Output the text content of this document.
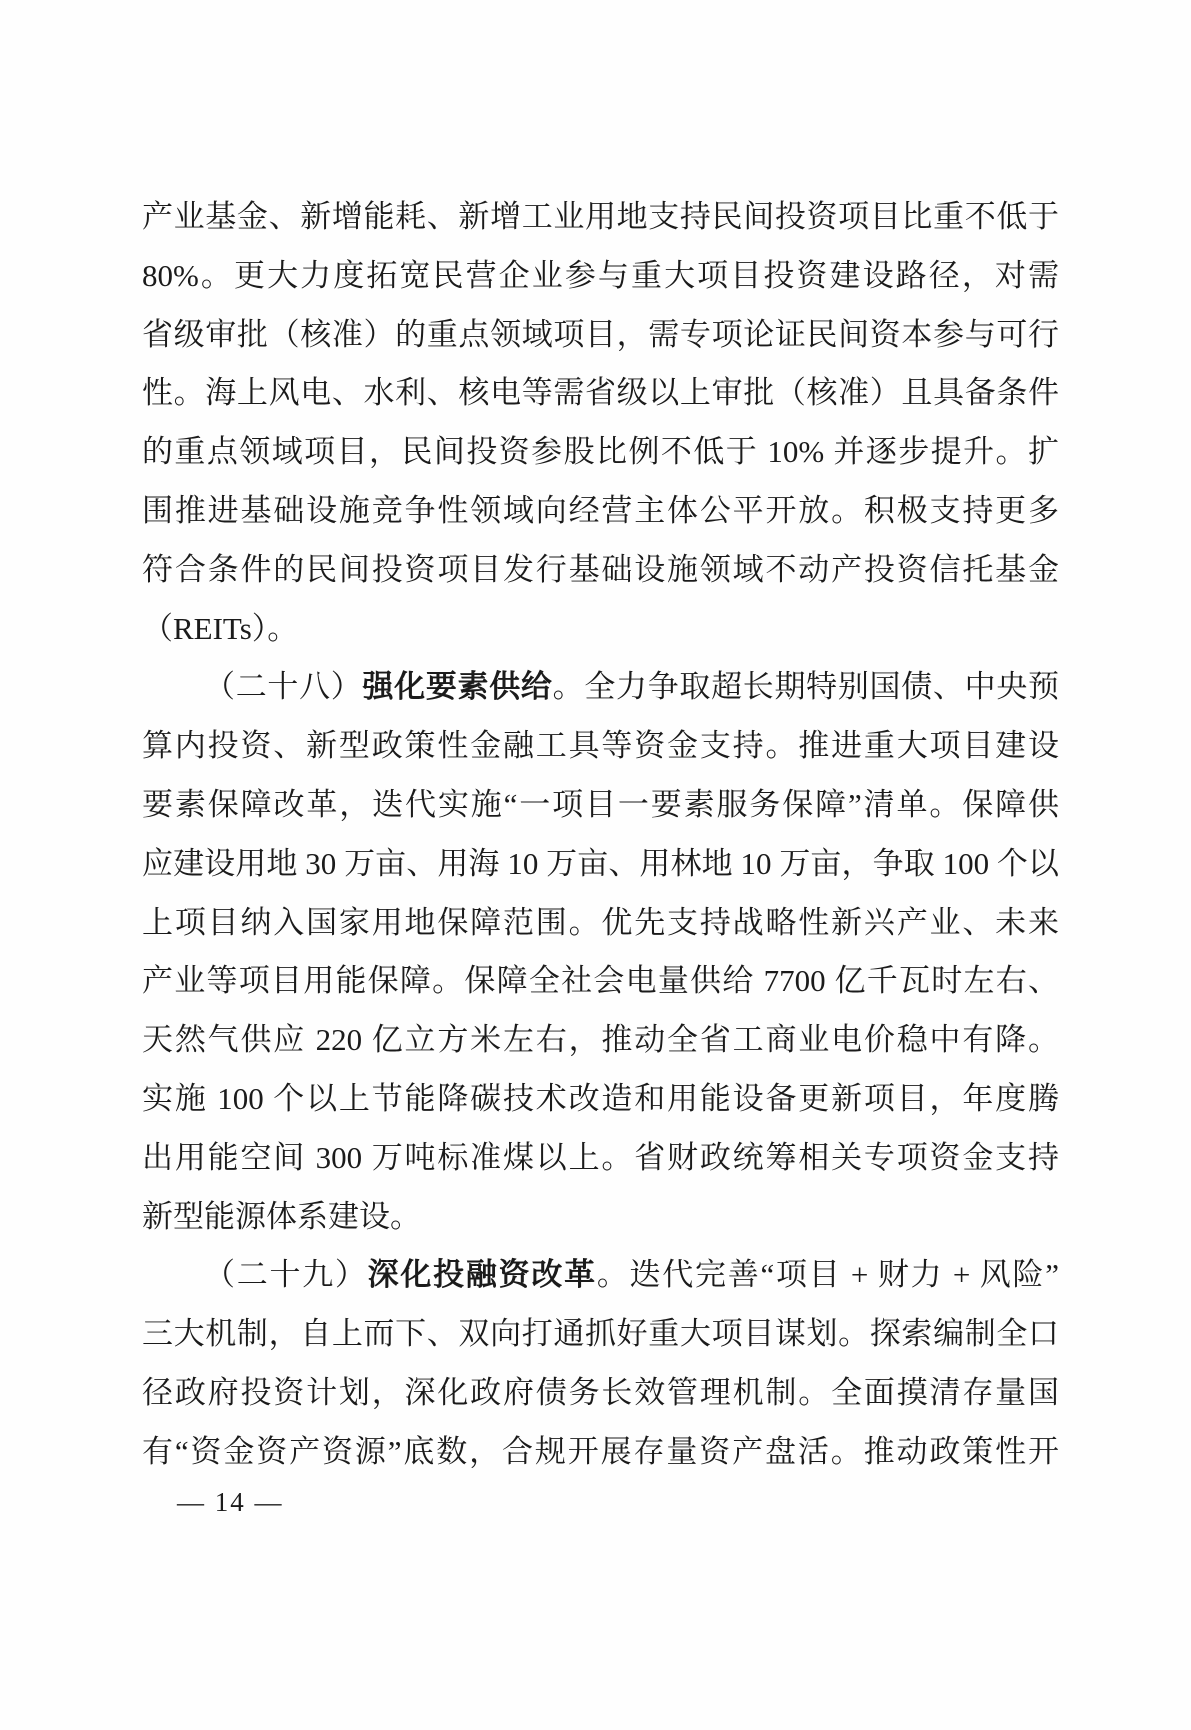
产业基金、新增能耗、新增工业用地支持民间投资项目比重不低于
80%。更大力度拓宽民营企业参与重大项目投资建设路径，对需
省级审批（核准）的重点领域项目，需专项论证民间资本参与可行
性。海上风电、水利、核电等需省级以上审批（核准）且具备条件
的重点领域项目，民间投资参股比例不低于 10% 并逐步提升。扩
围推进基础设施竞争性领域向经营主体公平开放。积极支持更多
符合条件的民间投资项目发行基础设施领域不动产投资信托基金
（REITs）。
（二十八）强化要素供给。全力争取超长期特别国债、中央预
算内投资、新型政策性金融工具等资金支持。推进重大项目建设
要素保障改革，迭代实施“一项目一要素服务保障”清单。保障供
应建设用地 30 万亩、用海 10 万亩、用林地 10 万亩，争取 100 个以
上项目纳入国家用地保障范围。优先支持战略性新兴产业、未来
产业等项目用能保障。保障全社会电量供给 7700 亿千瓦时左右、
天然气供应 220 亿立方米左右，推动全省工商业电价稳中有降。
实施 100 个以上节能降碳技术改造和用能设备更新项目，年度腾
出用能空间 300 万吨标准煤以上。省财政统筹相关专项资金支持
新型能源体系建设。
（二十九）深化投融资改革。迭代完善“项目 + 财力 + 风险”
三大机制，自上而下、双向打通抓好重大项目谋划。探索编制全口
径政府投资计划，深化政府债务长效管理机制。全面摸清存量国
有“资金资产资源”底数，合规开展存量资产盘活。推动政策性开
— 14 —
